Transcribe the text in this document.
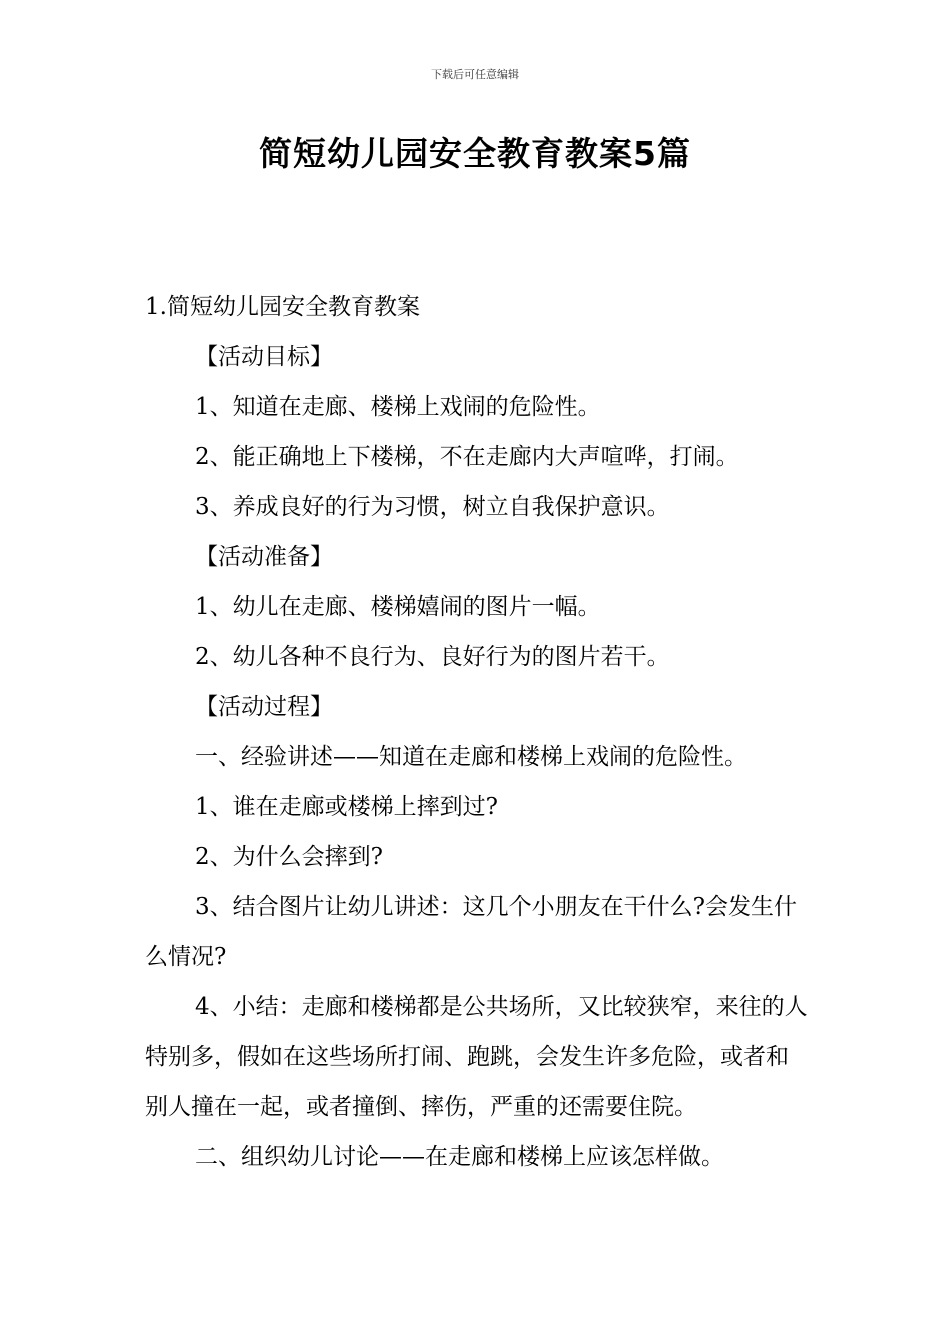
下载后可任意编辑
简短幼儿园安全教育教案5篇

1.简短幼儿园安全教育教案

【活动目标】

1、知道在走廊、楼梯上戏闹的危险性。

2、能正确地上下楼梯，不在走廊内大声喧哗，打闹。

3、养成良好的行为习惯，树立自我保护意识。

【活动准备】

1、幼儿在走廊、楼梯嬉闹的图片一幅。

2、幼儿各种不良行为、良好行为的图片若干。

【活动过程】

一、经验讲述——知道在走廊和楼梯上戏闹的危险性。

1、谁在走廊或楼梯上摔到过?

2、为什么会摔到?

3、结合图片让幼儿讲述：这几个小朋友在干什么?会发生什么情况?

4、小结：走廊和楼梯都是公共场所，又比较狭窄，来往的人特别多，假如在这些场所打闹、跑跳，会发生许多危险，或者和别人撞在一起，或者撞倒、摔伤，严重的还需要住院。

二、组织幼儿讨论——在走廊和楼梯上应该怎样做。
